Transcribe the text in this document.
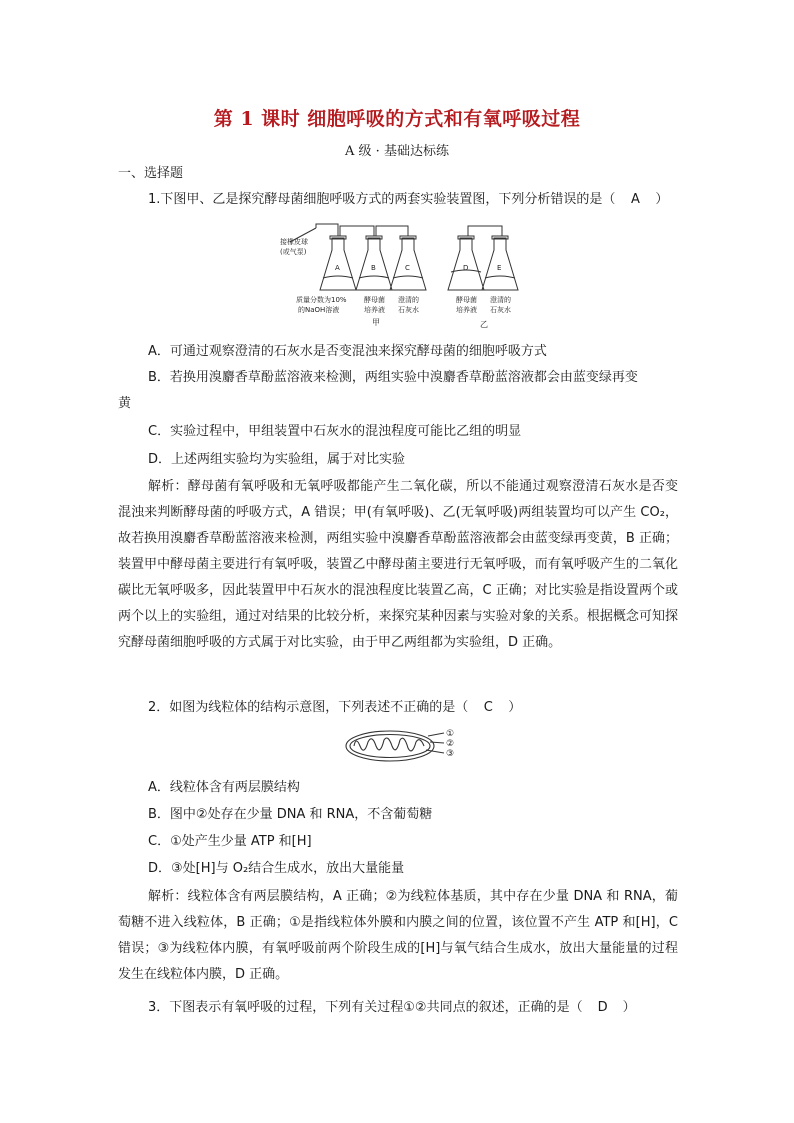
第 1 课时 细胞呼吸的方式和有氧呼吸过程
A 级 · 基础达标练
一、选择题
1.下图甲、乙是探究酵母菌细胞呼吸方式的两套实验装置图，下列分析错误的是（ A ）
接橡皮球
(或气泵)
A	B	C	D	E
质量分数为10%
的NaOH溶液
酵母菌
培养液
澄清的
石灰水
酵母菌
培养液
澄清的
石灰水
甲	乙
A．可通过观察澄清的石灰水是否变混浊来探究酵母菌的细胞呼吸方式
B．若换用溴麝香草酚蓝溶液来检测，两组实验中溴麝香草酚蓝溶液都会由蓝变绿再变
黄
C．实验过程中，甲组装置中石灰水的混浊程度可能比乙组的明显
D．上述两组实验均为实验组，属于对比实验
解析：酵母菌有氧呼吸和无氧呼吸都能产生二氧化碳，所以不能通过观察澄清石灰水是否变混浊来判断酵母菌的呼吸方式，A 错误；甲(有氧呼吸)、乙(无氧呼吸)两组装置均可以产生 CO₂，故若换用溴麝香草酚蓝溶液来检测，两组实验中溴麝香草酚蓝溶液都会由蓝变绿再变黄，B 正确；装置甲中酵母菌主要进行有氧呼吸，装置乙中酵母菌主要进行无氧呼吸，而有氧呼吸产生的二氧化碳比无氧呼吸多，因此装置甲中石灰水的混浊程度比装置乙高，C 正确；对比实验是指设置两个或两个以上的实验组，通过对结果的比较分析，来探究某种因素与实验对象的关系。根据概念可知探究酵母菌细胞呼吸的方式属于对比实验，由于甲乙两组都为实验组，D 正确。
2．如图为线粒体的结构示意图，下列表述不正确的是（ C ）
①
②
③
A．线粒体含有两层膜结构
B．图中②处存在少量 DNA 和 RNA，不含葡萄糖
C．①处产生少量 ATP 和[H]
D．③处[H]与 O₂结合生成水，放出大量能量
解析：线粒体含有两层膜结构，A 正确；②为线粒体基质，其中存在少量 DNA 和 RNA，葡萄糖不进入线粒体，B 正确；①是指线粒体外膜和内膜之间的位置，该位置不产生 ATP 和[H]，C 错误；③为线粒体内膜，有氧呼吸前两个阶段生成的[H]与氧气结合生成水，放出大量能量的过程发生在线粒体内膜，D 正确。
3．下图表示有氧呼吸的过程，下列有关过程①②共同点的叙述，正确的是（ D ）
